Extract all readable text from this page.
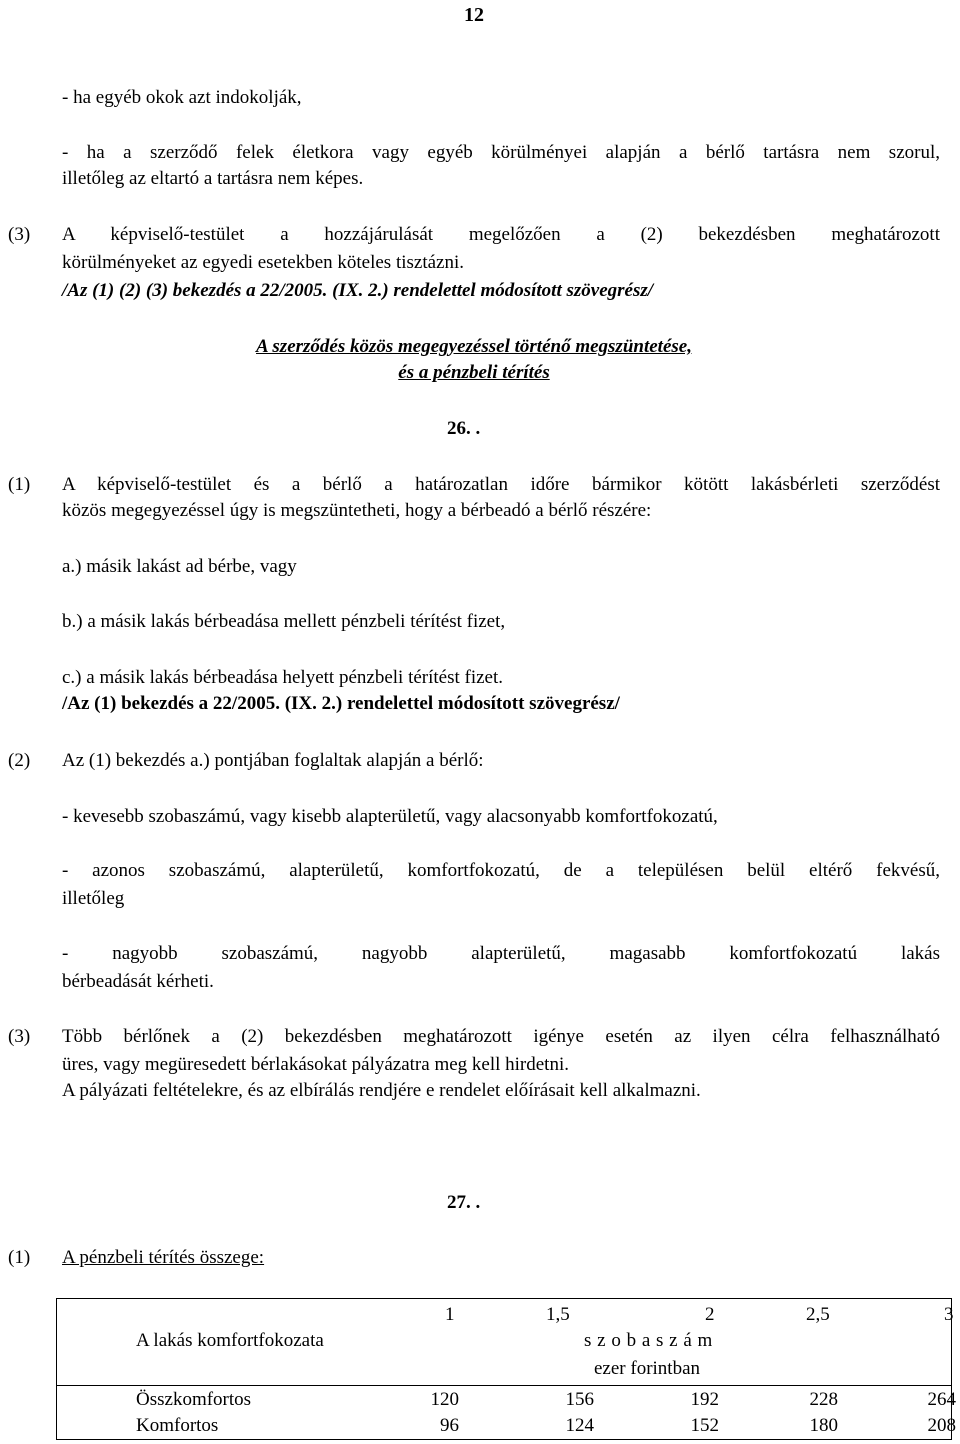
12
- ha egyéb okok azt indokolják,
- ha a szerződő felek életkora vagy egyéb körülményei alapján a bérlő tartásra nem szorul,
illetőleg az eltartó a tartásra nem képes.
(3)	A képviselő-testület a hozzájárulását megelőzően a (2) bekezdésben meghatározott
körülményeket az egyedi esetekben köteles tisztázni.
/Az (1) (2) (3) bekezdés a 22/2005. (IX. 2.) rendelettel módosított szövegrész/
A szerződés közös megegyezéssel történő megszüntetése,
és a pénzbeli térítés
26. .
(1)	A képviselő-testület és a bérlő a határozatlan időre bármikor kötött lakásbérleti szerződést
közös megegyezéssel úgy is megszüntetheti, hogy a bérbeadó a bérlő részére:
a.) másik lakást ad bérbe, vagy
b.) a másik lakás bérbeadása mellett pénzbeli térítést fizet,
c.) a másik lakás bérbeadása helyett pénzbeli térítést fizet.
/Az (1) bekezdés a 22/2005. (IX. 2.) rendelettel módosított szövegrész/
(2)	Az (1) bekezdés a.) pontjában foglaltak alapján a bérlő:
- kevesebb szobaszámú, vagy kisebb alapterületű, vagy alacsonyabb komfortfokozatú,
- azonos szobaszámú, alapterületű, komfortfokozatú, de a településen belül eltérő fekvésű,
illetőleg
- nagyobb szobaszámú, nagyobb alapterületű, magasabb komfortfokozatú lakás
bérbeadását kérheti.
(3)	Több bérlőnek a (2) bekezdésben meghatározott igénye esetén az ilyen célra felhasználható
üres, vagy megüresedett bérlakásokat pályázatra meg kell hirdetni.
A pályázati feltételekre, és az elbírálás rendjére e rendelet előírásait kell alkalmazni.
27. .
(1)	A pénzbeli térítés összege:
A lakás komfortfokozata
1	1,5	2	2,5	3
s z o b a s z á m
ezer forintban
Összkomfortos	120	156	192	228	264
Komfortos	96	124	152	180	208
